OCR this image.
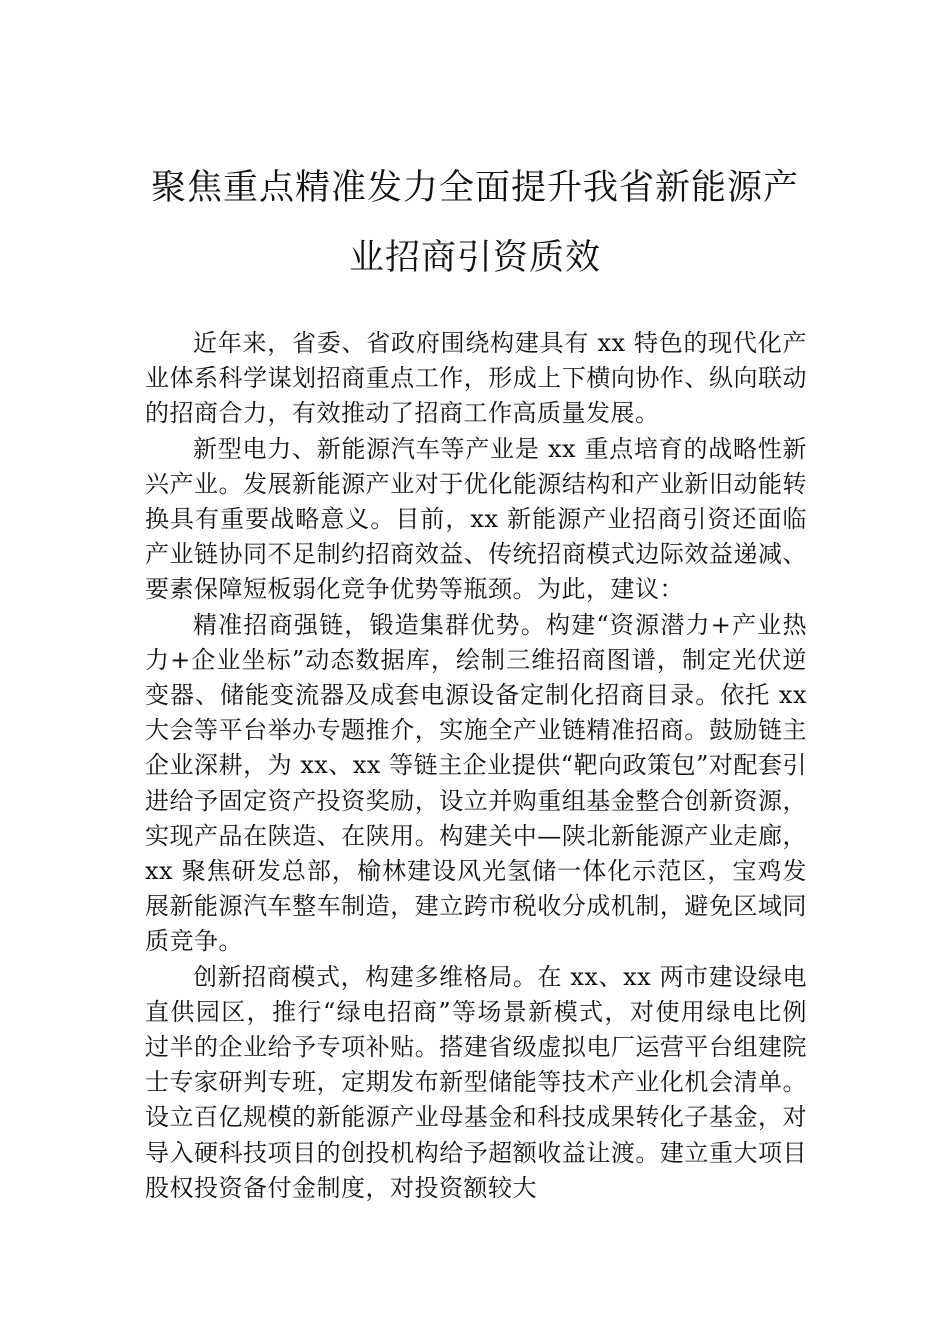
聚焦重点精准发力全面提升我省新能源产
业招商引资质效

近年来，省委、省政府围绕构建具有 xx 特色的现代化产业体系科学谋划招商重点工作，形成上下横向协作、纵向联动的招商合力，有效推动了招商工作高质量发展。

新型电力、新能源汽车等产业是 xx 重点培育的战略性新兴产业。发展新能源产业对于优化能源结构和产业新旧动能转换具有重要战略意义。目前，xx 新能源产业招商引资还面临产业链协同不足制约招商效益、传统招商模式边际效益递减、要素保障短板弱化竞争优势等瓶颈。为此，建议：

精准招商强链，锻造集群优势。构建“资源潜力+产业热力+企业坐标”动态数据库，绘制三维招商图谱，制定光伏逆变器、储能变流器及成套电源设备定制化招商目录。依托 xx 大会等平台举办专题推介，实施全产业链精准招商。鼓励链主企业深耕，为 xx、xx 等链主企业提供“靶向政策包”对配套引进给予固定资产投资奖励，设立并购重组基金整合创新资源，实现产品在陕造、在陕用。构建关中—陕北新能源产业走廊，xx 聚焦研发总部，榆林建设风光氢储一体化示范区，宝鸡发展新能源汽车整车制造，建立跨市税收分成机制，避免区域同质竞争。

创新招商模式，构建多维格局。在 xx、xx 两市建设绿电直供园区，推行“绿电招商”等场景新模式，对使用绿电比例过半的企业给予专项补贴。搭建省级虚拟电厂运营平台组建院士专家研判专班，定期发布新型储能等技术产业化机会清单。设立百亿规模的新能源产业母基金和科技成果转化子基金，对导入硬科技项目的创投机构给予超额收益让渡。建立重大项目股权投资备付金制度，对投资额较大
